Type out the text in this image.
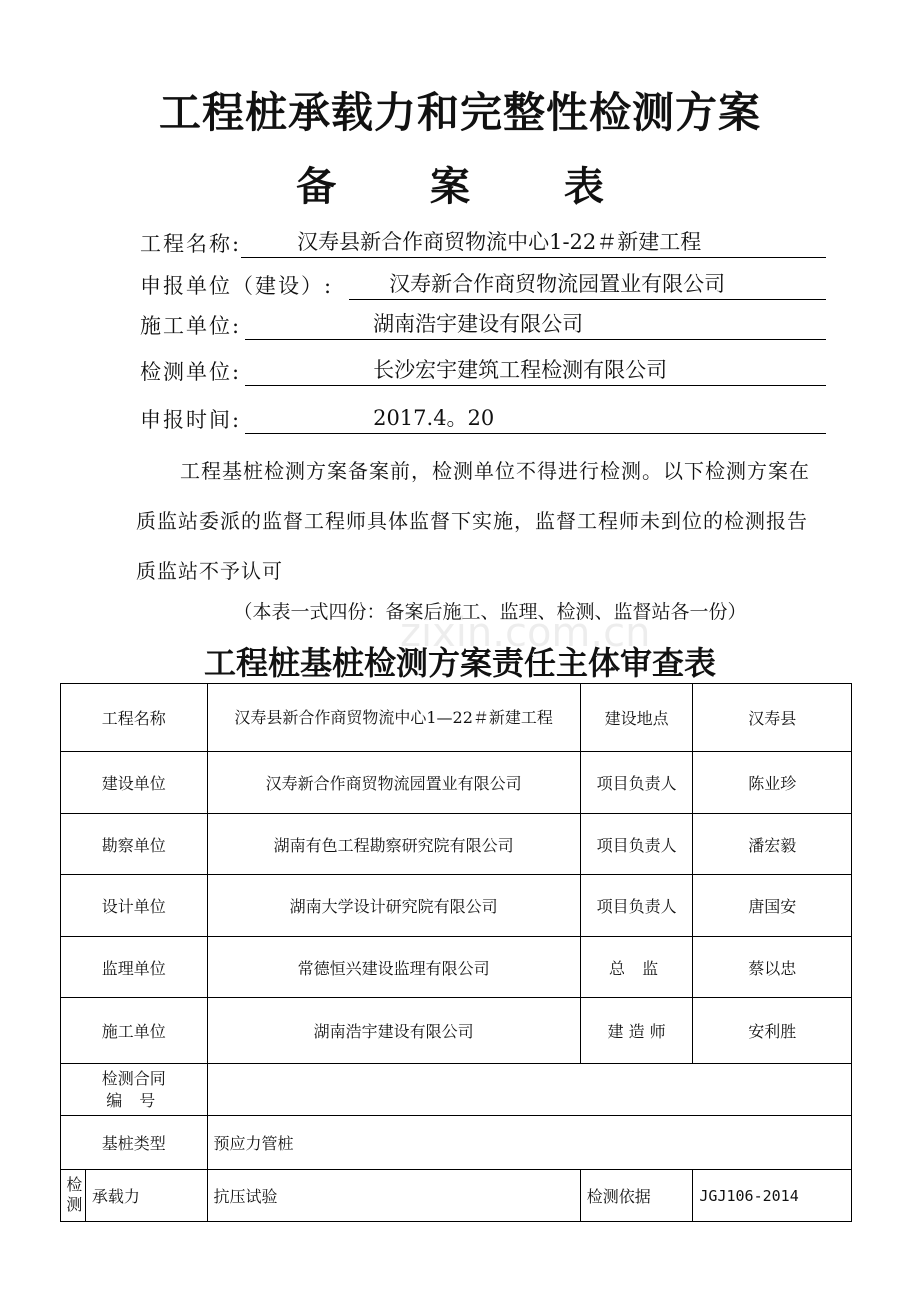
工程桩承载力和完整性检测方案
备 案 表
工程名称:	汉寿县新合作商贸物流中心1-22＃新建工程
申报单位（建设）:	汉寿新合作商贸物流园置业有限公司
施工单位:	湖南浩宇建设有限公司
检测单位:	长沙宏宇建筑工程检测有限公司
申报时间:	2017.4。20
工程基桩检测方案备案前，检测单位不得进行检测。以下检测方案在质监站委派的监督工程师具体监督下实施，监督工程师未到位的检测报告质监站不予认可
（本表一式四份：备案后施工、监理、检测、监督站各一份）
zixin.com.cn
工程桩基桩检测方案责任主体审查表
工程名称		汉寿县新合作商贸物流中心1—22＃新建工程	建设地点	汉寿县
建设单位		汉寿新合作商贸物流园置业有限公司	项目负责人	陈业珍
勘察单位		湖南有色工程勘察研究院有限公司	项目负责人	潘宏毅
设计单位		湖南大学设计研究院有限公司	项目负责人	唐国安
监理单位		常德恒兴建设监理有限公司	总 监	蔡以忠
施工单位		湖南浩宇建设有限公司	建 造 师	安利胜

检测合同
编 号				

基桩类型		预应力管桩		
检测	承载力	抗压试验	检测依据	JGJ106-2014
